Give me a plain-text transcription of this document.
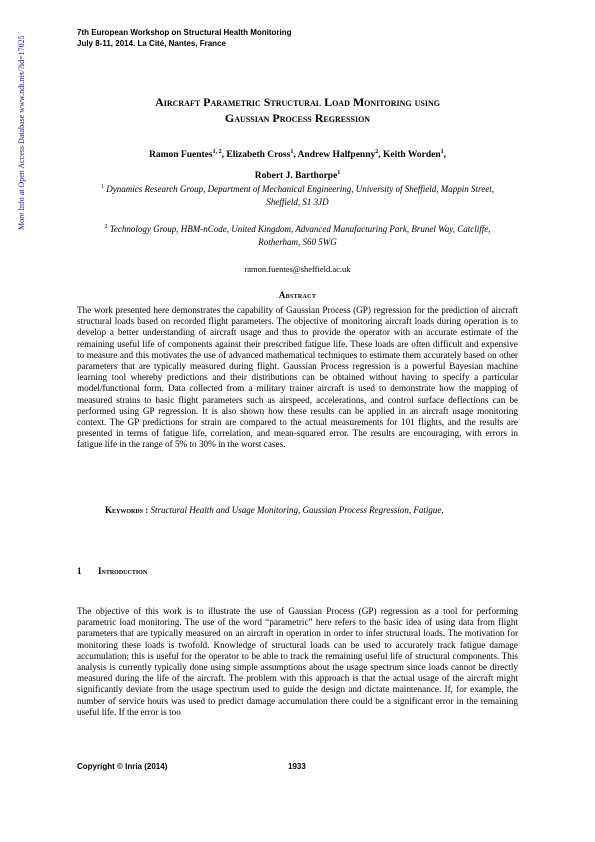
7th European Workshop on Structural Health Monitoring
July 8-11, 2014. La Cité, Nantes, France
More Info at Open Access Database www.ndt.net/?id=17025	Aircraft Parametric Structural Load Monitoring using
Gaussian Process Regression
Ramon Fuentes$^{1, 2}$, Elizabeth Cross$^1$, Andrew Halfpenny$^2$, Keith Worden$^1$,
Robert J. Barthorpe$^1$
$^1$ Dynamics Research Group, Department of Mechanical Engineering, University of Sheffield, Mappin Street, Sheffield, S1 3JD
$^2$ Technology Group, HBM-nCode, United Kingdom, Advanced Manufacturing Park, Brunel Way, Catcliffe, Rotherham, S60 5WG
ramon.fuentes@sheffield.ac.uk
Abstract
The work presented here demonstrates the capability of Gaussian Process (GP) regression for the prediction of aircraft structural loads based on recorded flight parameters. The objective of monitoring aircraft loads during operation is to develop a better understanding of aircraft usage and thus to provide the operator with an accurate estimate of the remaining useful life of components against their prescribed fatigue life. These loads are often difficult and expensive to measure and this motivates the use of advanced mathematical techniques to estimate them accurately based on other parameters that are typically measured during flight. Gaussian Process regression is a powerful Bayesian machine learning tool whereby predictions and their distributions can be obtained without having to specify a particular model/functional form. Data collected from a military trainer aircraft is used to demonstrate how the mapping of measured strains to basic flight parameters such as airspeed, accelerations, and control surface deflections can be performed using GP regression. It is also shown how these results can be applied in an aircraft usage monitoring context. The GP predictions for strain are compared to the actual measurements for 101 flights, and the results are presented in terms of fatigue life, correlation, and mean-squared error. The results are encouraging, with errors in fatigue life in the range of 5% to 30% in the worst cases.
Keywords : Structural Health and Usage Monitoring, Gaussian Process Regression, Fatigue,
1 Introduction
The objective of this work is to illustrate the use of Gaussian Process (GP) regression as a tool for performing parametric load monitoring. The use of the word “parametric” here refers to the basic idea of using data from flight parameters that are typically measured on an aircraft in operation in order to infer structural loads. The motivation for monitoring these loads is twofold. Knowledge of structural loads can be used to accurately track fatigue damage accumulation; this is useful for the operator to be able to track the remaining useful life of structural components. This analysis is currently typically done using simple assumptions about the usage spectrum since loads cannot be directly measured during the life of the aircraft. The problem with this approach is that the actual usage of the aircraft might significantly deviate from the usage spectrum used to guide the design and dictate maintenance. If, for example, the number of service hours was used to predict damage accumulation there could be a significant error in the remaining useful life. If the error is too
Copyright © Inria (2014)	1933
